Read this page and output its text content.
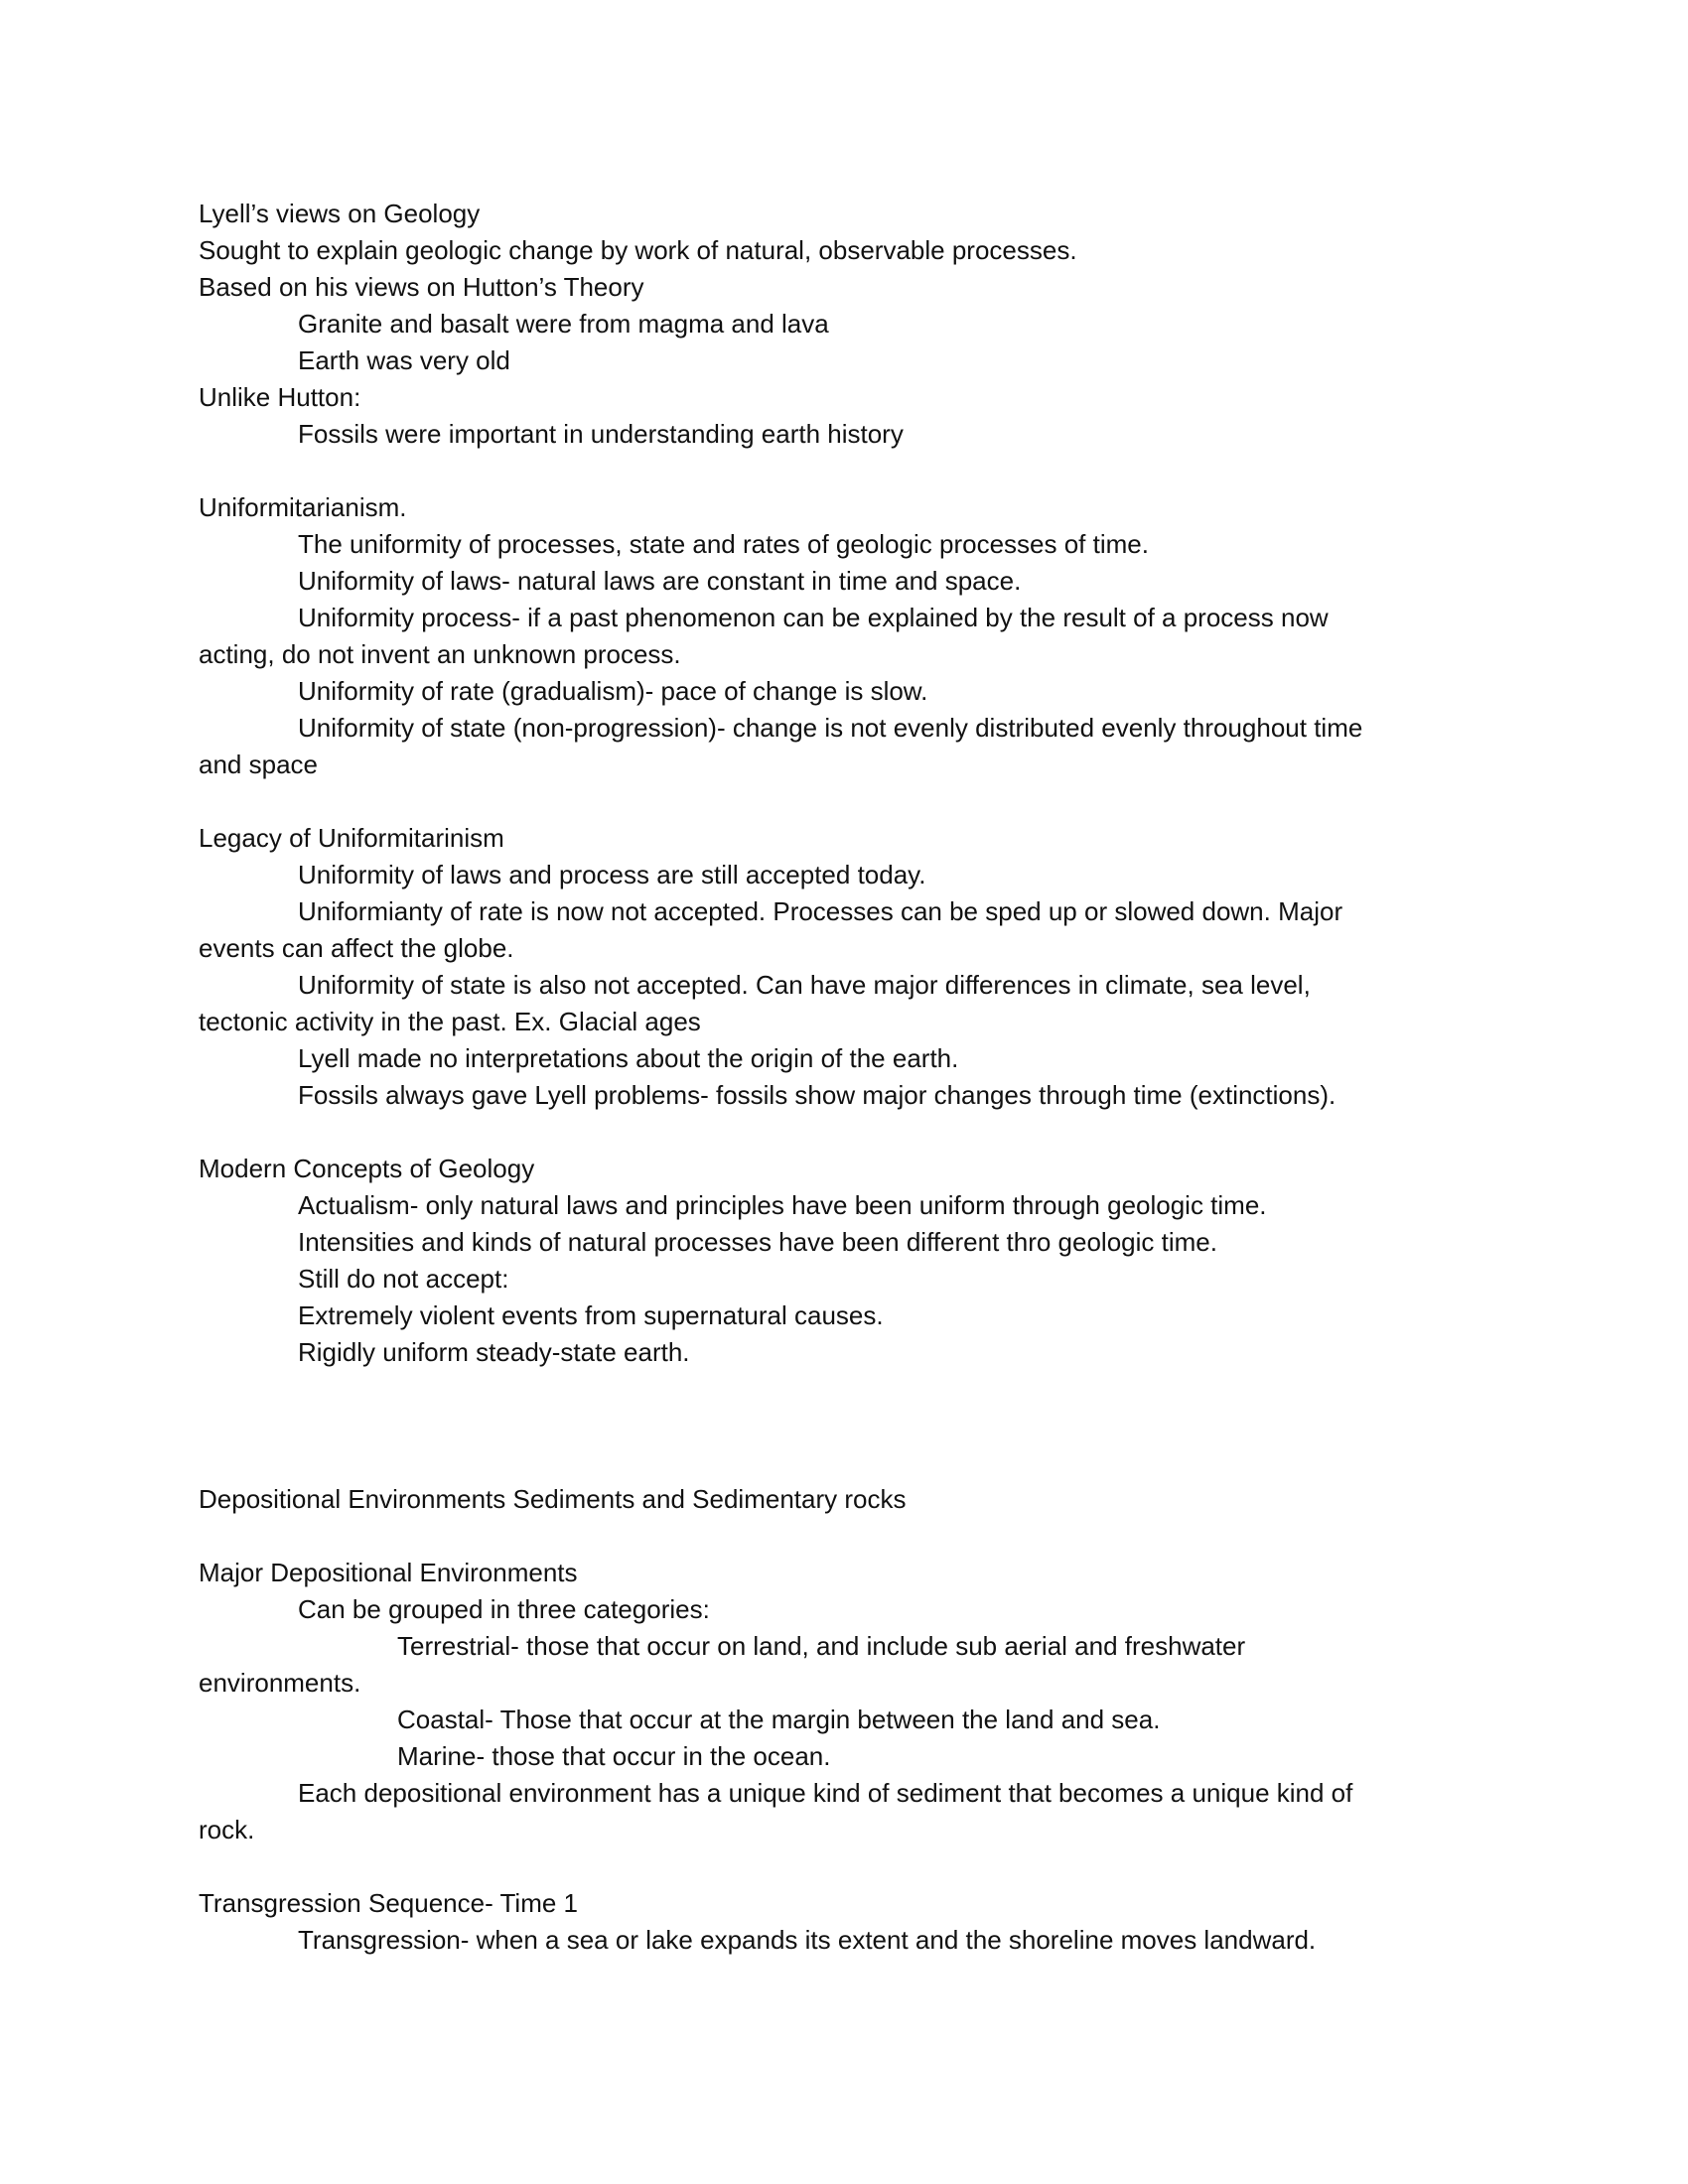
Lyell’s views on Geology
Sought to explain geologic change by work of natural, observable processes.
Based on his views on Hutton’s Theory
Granite and basalt were from magma and lava
Earth was very old
Unlike Hutton:
Fossils were important in understanding earth history
Uniformitarianism.
The uniformity of processes, state and rates of geologic processes of time.
Uniformity of laws- natural laws are constant in time and space.
Uniformity process- if a past phenomenon can be explained by the result of a process now
acting, do not invent an unknown process.
Uniformity of rate (gradualism)- pace of change is slow.
Uniformity of state (non-progression)- change is not evenly distributed evenly throughout time
and space
Legacy of Uniformitarinism
Uniformity of laws and process are still accepted today.
Uniformianty of rate is now not accepted. Processes can be sped up or slowed down. Major
events can affect the globe.
Uniformity of state is also not accepted. Can have major differences in climate, sea level,
tectonic activity in the past. Ex. Glacial ages
Lyell made no interpretations about the origin of the earth.
Fossils always gave Lyell problems- fossils show major changes through time (extinctions).
Modern Concepts of Geology
Actualism- only natural laws and principles have been uniform through geologic time.
Intensities and kinds of natural processes have been different thro geologic time.
Still do not accept:
Extremely violent events from supernatural causes.
Rigidly uniform steady-state earth.
Depositional Environments Sediments and Sedimentary rocks
Major Depositional Environments
Can be grouped in three categories:
Terrestrial- those that occur on land, and include sub aerial and freshwater
environments.
Coastal- Those that occur at the margin between the land and sea.
Marine- those that occur in the ocean.
Each depositional environment has a unique kind of sediment that becomes a unique kind of
rock.
Transgression Sequence- Time 1
Transgression- when a sea or lake expands its extent and the shoreline moves landward.
